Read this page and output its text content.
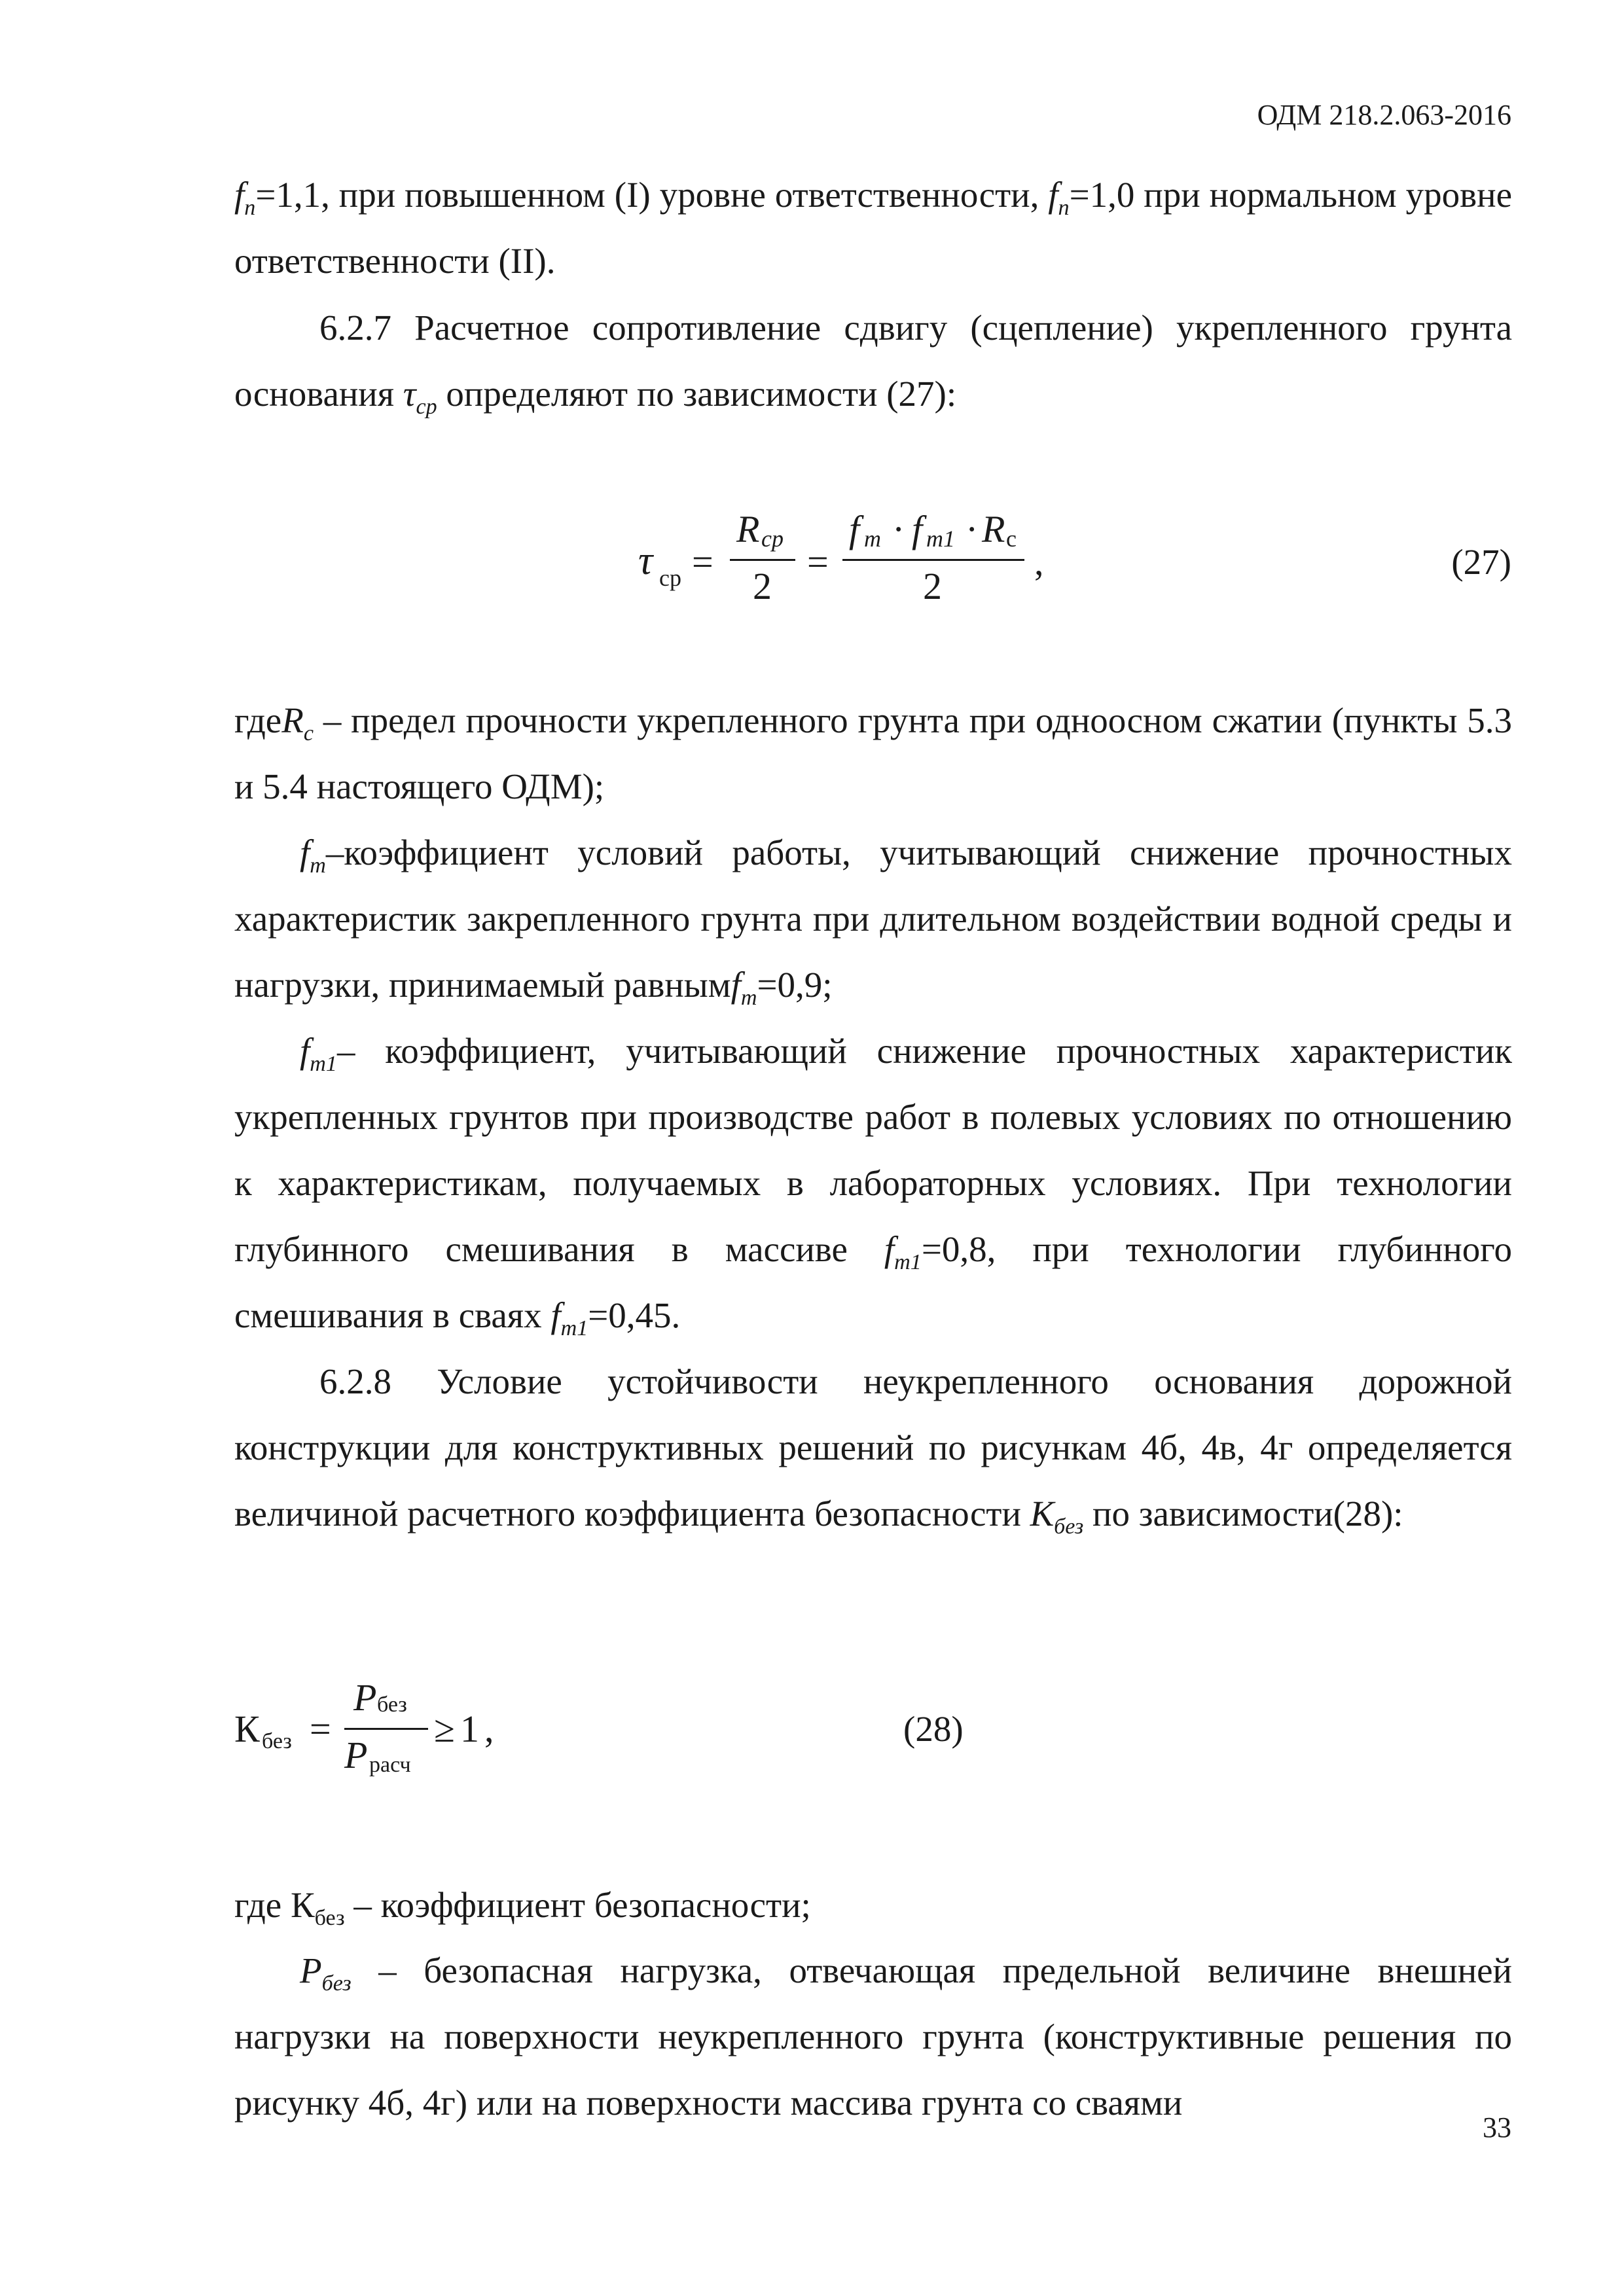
ОДМ 218.2.063-2016
$f_n=1,1$, при повышенном (I) уровне ответственности, $f_n=1,0$ при нормальном уровне ответственности (II).
6.2.7 Расчетное сопротивление сдвигу (сцепление) укрепленного грунта основания $\tau_{cp}$ определяют по зависимости (27):
τ ср =
R cp
2
=
f m · f m1 · R c
2
,	(27)
гдеR$_c$ – предел прочности укрепленного грунта при одноосном сжатии (пункты 5.3 и 5.4 настоящего ОДМ);
$f_m$–коэффициент условий работы, учитывающий снижение прочностных характеристик закрепленного грунта при длительном воздействии водной среды и нагрузки, принимаемый равнымf$_m$=0,9;
$f_{m1}-$ коэффициент, учитывающий снижение прочностных характеристик укрепленных грунтов при производстве работ в полевых условиях по отношению к характеристикам, получаемых в лабораторных условиях. При технологии глубинного смешивания в массиве $f_{m1}=0,8$, при технологии глубинного смешивания в сваях $f_{m1}=0,45$.
6.2.8 Условие устойчивости неукрепленного основания дорожной конструкции для конструктивных решений по рисункам 4б, 4в, 4г определяется величиной расчетного коэффициента безопасности $К_{без}$ по зависимости(28):
К без =
P без
P расч
≥ 1 ,	(28)
где $К_{без}$ – коэффициент безопасности;
$P_{без}$ – безопасная нагрузка, отвечающая предельной величине внешней нагрузки на поверхности неукрепленного грунта (конструктивные решения по рисунку 4б, 4г) или на поверхности массива грунта со сваями
33
